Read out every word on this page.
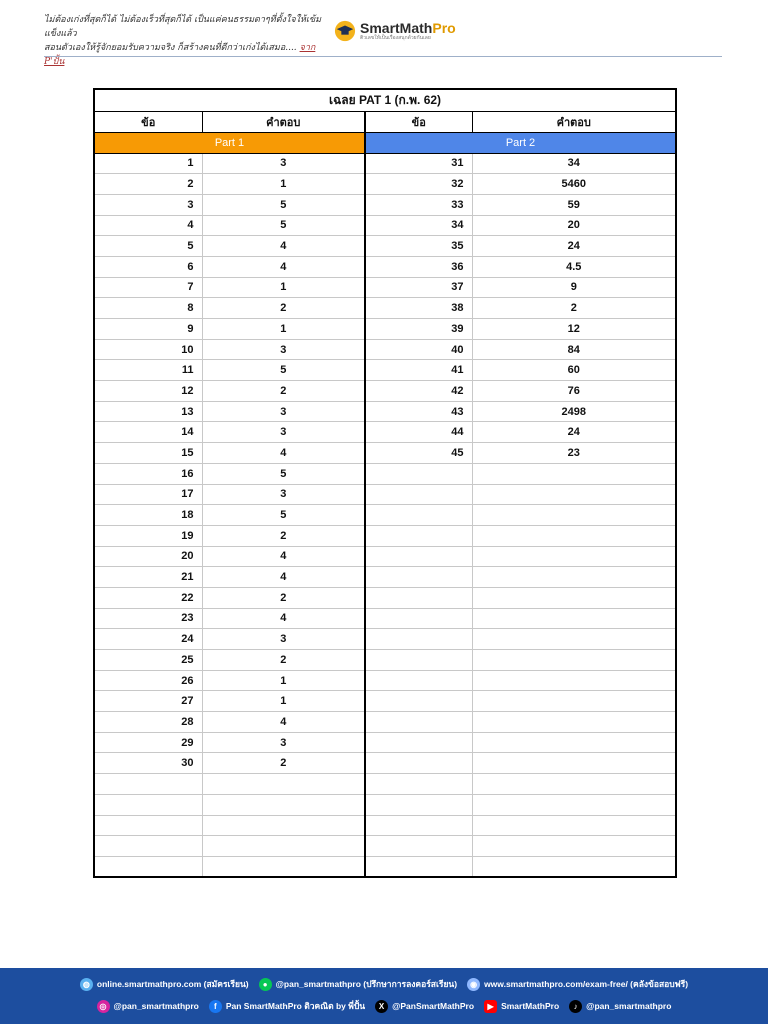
ไม่ต้องเก่งที่สุดก็ได้ ไม่ต้องเร็วที่สุดก็ได้ เป็นแค่คนธรรมดาๆที่ตั้งใจให้เข้มแข็งแล้ว
สอนตัวเองให้รู้จักยอมรับความจริง ก็สร้างคนที่ดีกว่าเก่งได้เสมอ.... จาก P'ปั้น
SmartMathPro
ติวเลขให้เป็นเรื่องสนุกด้วยกันเลย
เฉลย PAT 1 (ก.พ. 62)			
ข้อ	คำตอบ	ข้อ	คำตอบ
Part 1		Part 2	
1	3	31	34
2	1	32	5460
3	5	33	59
4	5	34	20
5	4	35	24
6	4	36	4.5
7	1	37	9
8	2	38	2
9	1	39	12
10	3	40	84
11	5	41	60
12	2	42	76
13	3	43	2498
14	3	44	24
15	4	45	23
16	5		
17	3		
18	5		
19	2		
20	4		
21	4		
22	2		
23	4		
24	3		
25	2		
26	1		
27	1		
28	4		
29	3		
30	2		

◍ online.smartmathpro.com (สมัครเรียน)	● @pan_smartmathpro (ปรึกษาการลงคอร์สเรียน)	◉ www.smartmathpro.com/exam-free/ (คลังข้อสอบฟรี)
◎ @pan_smartmathpro	f	Pan SmartMathPro ติวคณิต by พี่ปั้น	X @PanSmartMathPro	▶ SmartMathPro	♪	@pan_smartmathpro
